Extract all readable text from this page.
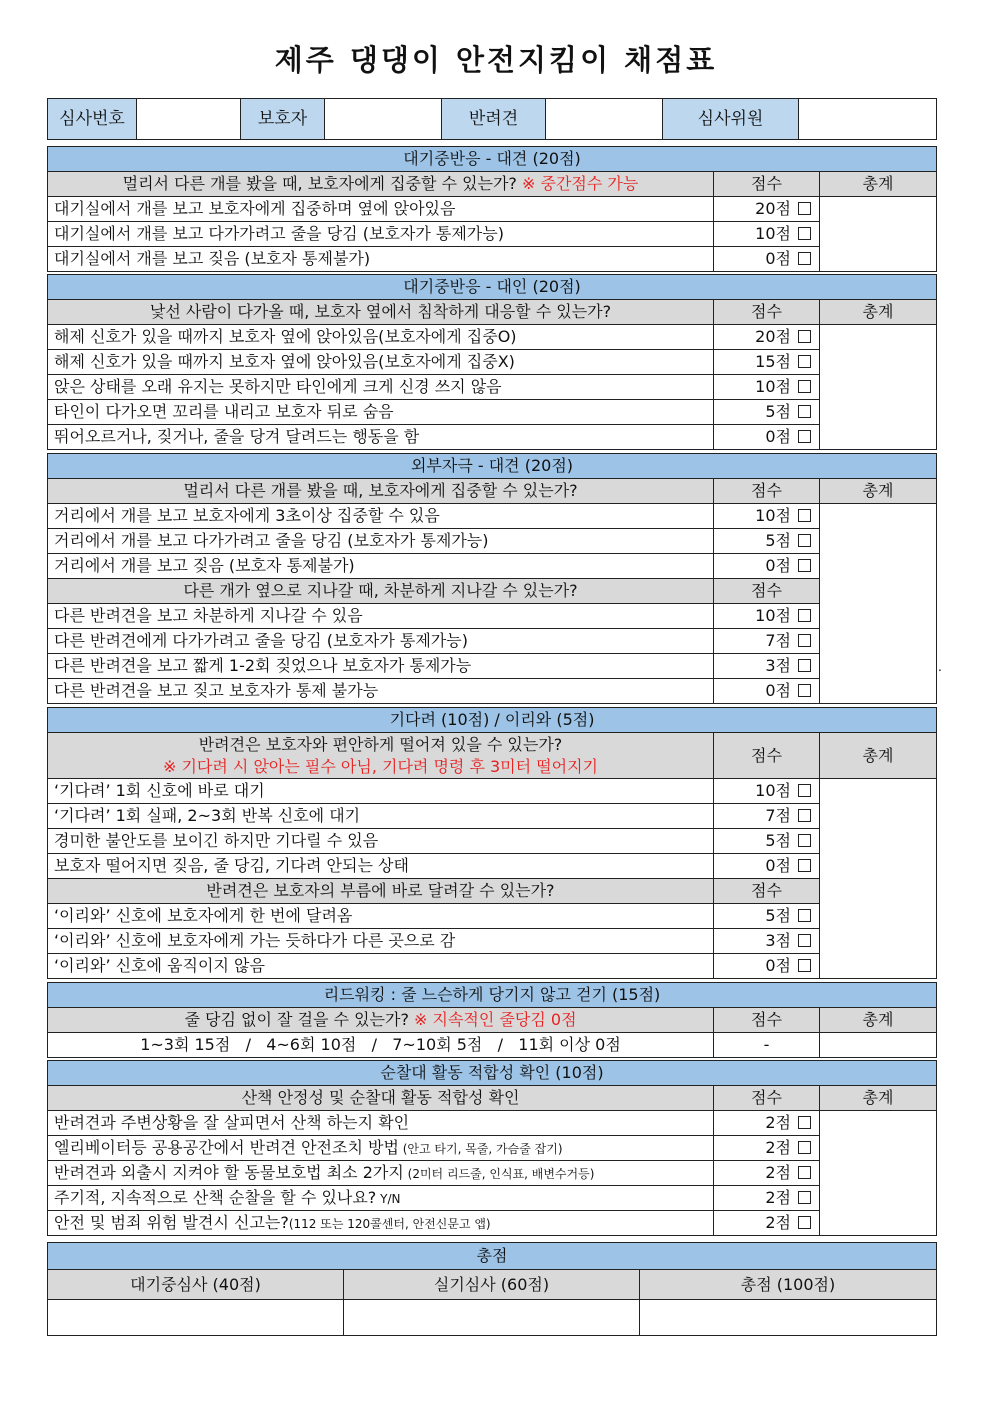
제주 댕댕이 안전지킴이 채점표
심사번호		보호자		반려견		심사위원	
대기중반응 - 대견 (20점)		
멀리서 다른 개를 봤을 때, 보호자에게 집중할 수 있는가? ※ 중간점수 가능	점수	총계
대기실에서 개를 보고 보호자에게 집중하며 옆에 앉아있음	20점	
대기실에서 개를 보고 다가가려고 줄을 당김 (보호자가 통제가능)	10점	
대기실에서 개를 보고 짖음 (보호자 통제불가)	0점	
대기중반응 - 대인 (20점)		
낯선 사람이 다가올 때, 보호자 옆에서 침착하게 대응할 수 있는가?	점수	총계
해제 신호가 있을 때까지 보호자 옆에 앉아있음(보호자에게 집중O)	20점	
해제 신호가 있을 때까지 보호자 옆에 앉아있음(보호자에게 집중X)	15점	
앉은 상태를 오래 유지는 못하지만 타인에게 크게 신경 쓰지 않음	10점	
타인이 다가오면 꼬리를 내리고 보호자 뒤로 숨음	5점	
뛰어오르거나, 짖거나, 줄을 당겨 달려드는 행동을 함	0점	
외부자극 - 대견 (20점)		
멀리서 다른 개를 봤을 때, 보호자에게 집중할 수 있는가?	점수	총계
거리에서 개를 보고 보호자에게 3초이상 집중할 수 있음	10점	
거리에서 개를 보고 다가가려고 줄을 당김 (보호자가 통제가능)	5점	
거리에서 개를 보고 짖음 (보호자 통제불가)	0점	
다른 개가 옆으로 지나갈 때, 차분하게 지나갈 수 있는가?	점수	
다른 반려견을 보고 차분하게 지나갈 수 있음	10점	
다른 반려견에게 다가가려고 줄을 당김 (보호자가 통제가능)	7점	
다른 반려견을 보고 짧게 1-2회 짖었으나 보호자가 통제가능	3점	
다른 반려견을 보고 짖고 보호자가 통제 불가능	0점	
.
기다려 (10점) / 이리와 (5점)		

반려견은 보호자와 편안하게 떨어져 있을 수 있는가?
※ 기다려 시 앉아는 필수 아님, 기다려 명령 후 3미터 떨어지기	점수	총계
‘기다려’ 1회 신호에 바로 대기	10점	
‘기다려’ 1회 실패, 2~3회 반복 신호에 대기	7점	
경미한 불안도를 보이긴 하지만 기다릴 수 있음	5점	
보호자 떨어지면 짖음, 줄 당김, 기다려 안되는 상태	0점	
반려견은 보호자의 부름에 바로 달려갈 수 있는가?	점수	
‘이리와’ 신호에 보호자에게 한 번에 달려옴	5점	
‘이리와’ 신호에 보호자에게 가는 듯하다가 다른 곳으로 감	3점	
‘이리와’ 신호에 움직이지 않음	0점	
리드워킹 : 줄 느슨하게 당기지 않고 걷기 (15점)		
줄 당김 없이 잘 걸을 수 있는가? ※ 지속적인 줄당김 0점	점수	총계
1~3회 15점   /   4~6회 10점   /   7~10회 5점   /   11회 이상 0점	-	
순찰대 활동 적합성 확인 (10점)		
산책 안정성 및 순찰대 활동 적합성 확인	점수	총계
반려견과 주변상황을 잘 살피면서 산책 하는지 확인	2점	
엘리베이터등 공용공간에서 반려견 안전조치 방법 (안고 타기, 목줄, 가슴줄 잡기)	2점	
반려견과 외출시 지켜야 할 동물보호법 최소 2가지 (2미터 리드줄, 인식표, 배변수거등)	2점	
주기적, 지속적으로 산책 순찰을 할 수 있나요? Y/N	2점	
안전 및 범죄 위험 발견시 신고는?(112 또는 120콜센터, 안전신문고 앱)	2점	
총점		
대기중심사 (40점)	실기심사 (60점)	총점 (100점)
